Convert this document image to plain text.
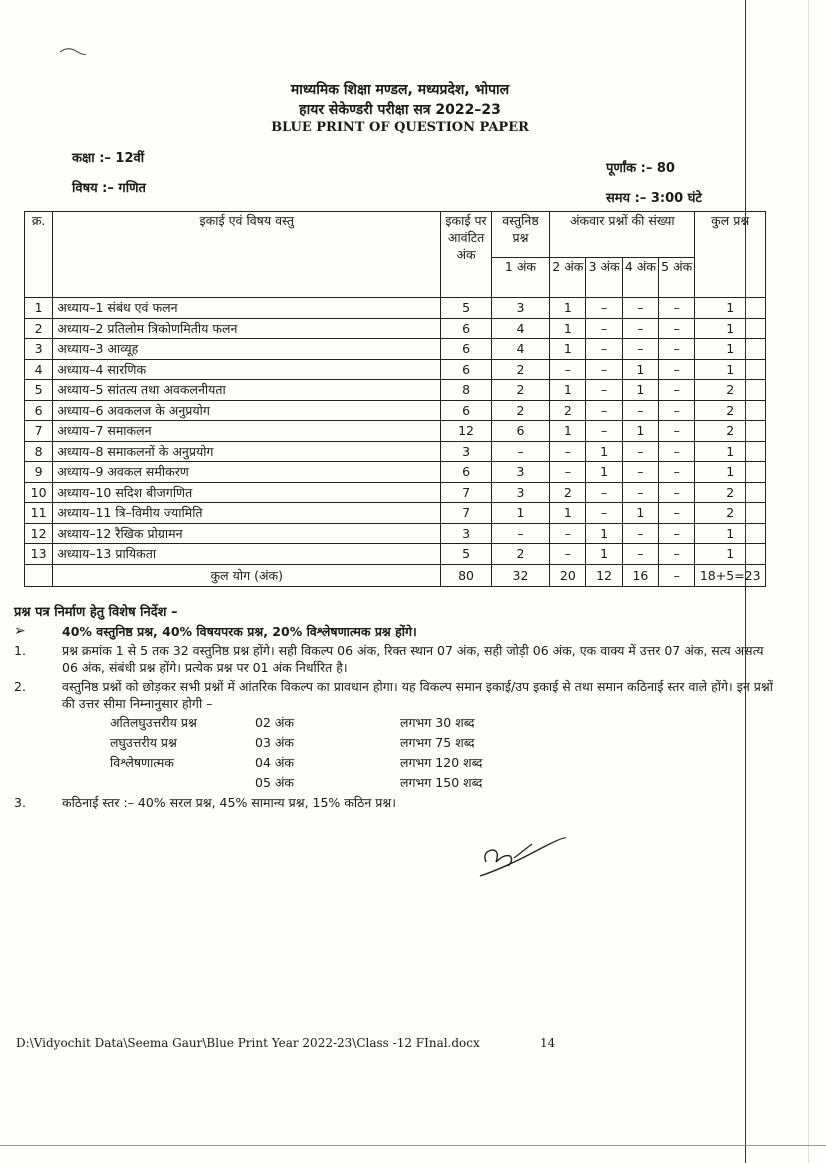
माध्यमिक शिक्षा मण्डल, मध्यप्रदेश, भोपाल
हायर सेकेण्डरी परीक्षा सत्र 2022–23
BLUE PRINT OF QUESTION PAPER
कक्षा :– 12वीं
विषय :– गणित
पूर्णांक :– 80
समय :– 3:00 घंटे
क्र.	इकाई एवं विषय वस्तु	इकाई पर आवंटित अंक	वस्तुनिष्ठ प्रश्न	अंकवार प्रश्नों की संख्या				कुल प्रश्न
			1 अंक	2 अंक	3 अंक	4 अंक	5 अंक	
1	अध्याय–1 संबंध एवं फलन	5	3	1	–	–	–	1
2	अध्याय–2 प्रतिलोम त्रिकोणमितीय फलन	6	4	1	–	–	–	1
3	अध्याय–3 आव्यूह	6	4	1	–	–	–	1
4	अध्याय–4 सारणिक	6	2	–	–	1	–	1
5	अध्याय–5 सांतत्य तथा अवकलनीयता	8	2	1	–	1	–	2
6	अध्याय–6 अवकलज के अनुप्रयोग	6	2	2	–	–	–	2
7	अध्याय–7 समाकलन	12	6	1	–	1	–	2
8	अध्याय–8 समाकलनों के अनुप्रयोग	3	–	–	1	–	–	1
9	अध्याय–9 अवकल समीकरण	6	3	–	1	–	–	1
10	अध्याय–10 सदिश बीजगणित	7	3	2	–	–	–	2
11	अध्याय–11 त्रि–विमीय ज्यामिति	7	1	1	–	1	–	2
12	अध्याय–12 रैखिक प्रोग्रामन	3	–	–	1	–	–	1
13	अध्याय–13 प्रायिकता	5	2	–	1	–	–	1
	कुल योग (अंक)	80	32	20	12	16	–	18+5=23
प्रश्न पत्र निर्माण हेतु विशेष निर्देश –
➢	40% वस्तुनिष्ठ प्रश्न, 40% विषयपरक प्रश्न, 20% विश्लेषणात्मक प्रश्न होंगे।
1.	प्रश्न क्रमांक 1 से 5 तक 32 वस्तुनिष्ठ प्रश्न होंगे। सही विकल्प 06 अंक, रिक्त स्थान 07 अंक, सही जोड़ी 06 अंक, एक वाक्य में उत्तर 07 अंक, सत्य असत्य 06 अंक, संबंधी प्रश्न होंगे। प्रत्येक प्रश्न पर 01 अंक निर्धारित है।
2.	वस्तुनिष्ठ प्रश्नों को छोड़कर सभी प्रश्नों में आंतरिक विकल्प का प्रावधान होगा। यह विकल्प समान इकाई/उप इकाई से तथा समान कठिनाई स्तर वाले होंगे। इन प्रश्नों की उत्तर सीमा निम्नानुसार होगी –
अतिलघुउत्तरीय प्रश्न	02 अंक	लगभग 30 शब्द
लघुउत्तरीय प्रश्न	03 अंक	लगभग 75 शब्द
विश्लेषणात्मक	04 अंक	लगभग 120 शब्द
	05 अंक	लगभग 150 शब्द
3.	कठिनाई स्तर :– 40% सरल प्रश्न, 45% सामान्य प्रश्न, 15% कठिन प्रश्न।
D:\Vidyochit Data\Seema Gaur\Blue Print Year 2022-23\Class -12 FInal.docx	14
